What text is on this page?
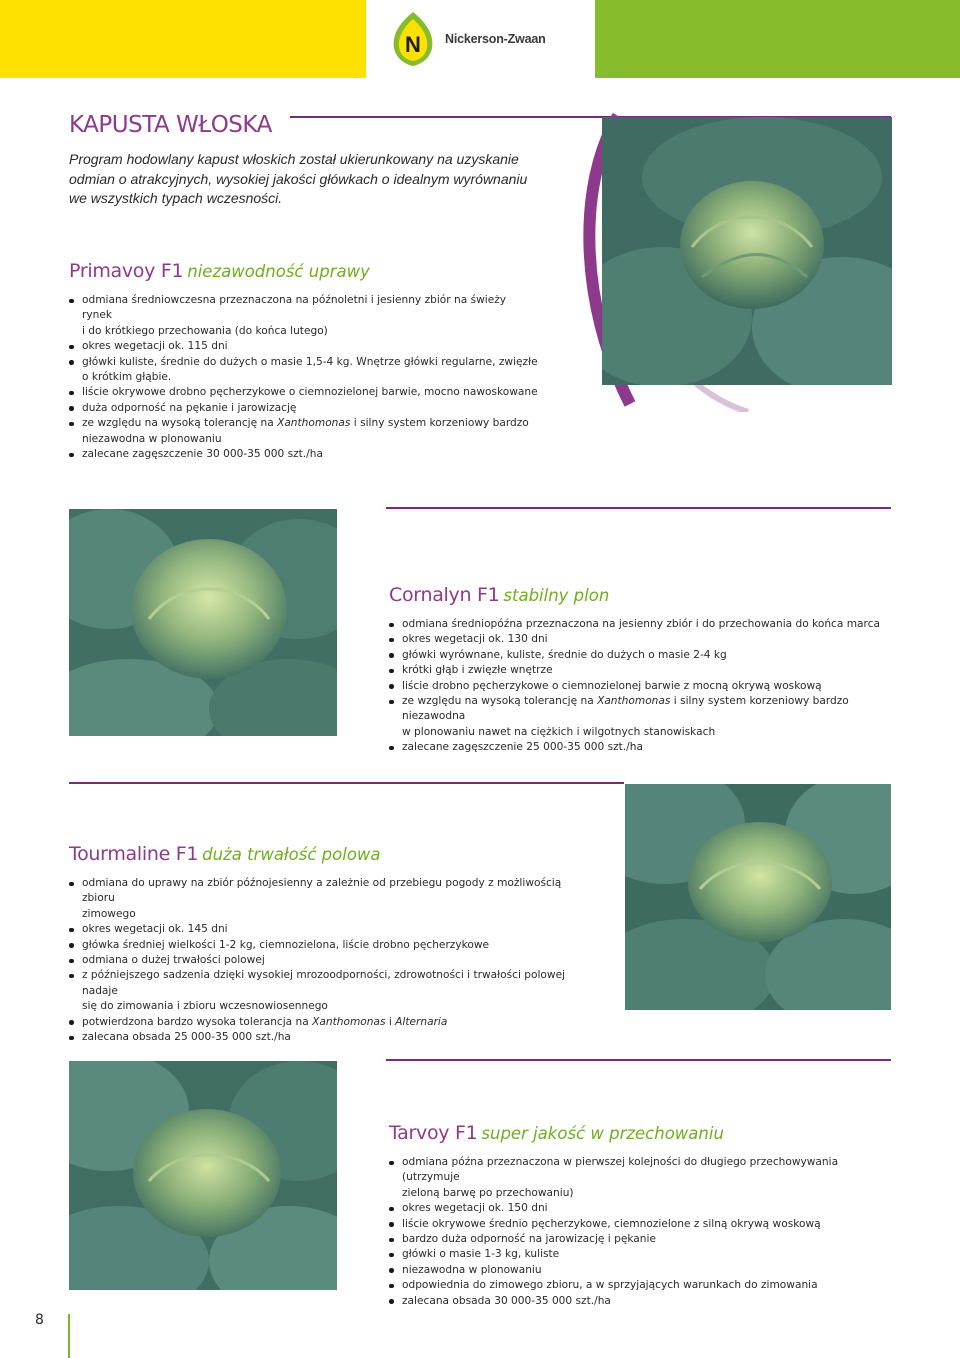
N Nickerson-Zwaan
KAPUSTA WŁOSKA
Program hodowlany kapust włoskich został ukierunkowany na uzyskanie
odmian o atrakcyjnych, wysokiej jakości główkach o idealnym wyrównaniu
we wszystkich typach wczesności.
Primavoy F1 niezawodność uprawy
Cornalyn F1 stabilny plon
Tourmaline F1 duża trwałość polowa
Tarvoy F1 super jakość w przechowaniu
odmiana średniowczesna przeznaczona na późnoletni i jesienny zbiór na świeży rynek
i do krótkiego przechowania (do końca lutego)
okres wegetacji ok. 115 dni
główki kuliste, średnie do dużych o masie 1,5-4 kg. Wnętrze główki regularne, zwięzłe
o krótkim głąbie.
liście okrywowe drobno pęcherzykowe o ciemnozielonej barwie, mocno nawoskowane
duża odporność na pękanie i jarowizację
ze względu na wysoką tolerancję na Xanthomonas i silny system korzeniowy bardzo
niezawodna w plonowaniu
zalecane zagęszczenie 30 000-35 000 szt./ha
odmiana średniopóźna przeznaczona na jesienny zbiór i do przechowania do końca marca
okres wegetacji ok. 130 dni
główki wyrównane, kuliste, średnie do dużych o masie 2-4 kg
krótki głąb i zwięzłe wnętrze
liście drobno pęcherzykowe o ciemnozielonej barwie z mocną okrywą woskową
ze względu na wysoką tolerancję na Xanthomonas i silny system korzeniowy bardzo niezawodna
w plonowaniu nawet na ciężkich i wilgotnych stanowiskach
zalecane zagęszczenie 25 000-35 000 szt./ha
odmiana do uprawy na zbiór późnojesienny a zależnie od przebiegu pogody z możliwością zbioru
zimowego
okres wegetacji ok. 145 dni
główka średniej wielkości 1-2 kg, ciemnozielona, liście drobno pęcherzykowe
odmiana o dużej trwałości polowej
z późniejszego sadzenia dzięki wysokiej mrozoodporności, zdrowotności i trwałości polowej nadaje
się do zimowania i zbioru wczesnowiosennego
potwierdzona bardzo wysoka tolerancja na Xanthomonas i Alternaria
zalecana obsada 25 000-35 000 szt./ha
odmiana późna przeznaczona w pierwszej kolejności do długiego przechowywania (utrzymuje
zieloną barwę po przechowaniu)
okres wegetacji ok. 150 dni
liście okrywowe średnio pęcherzykowe, ciemnozielone z silną okrywą woskową
bardzo duża odporność na jarowizację i pękanie
główki o masie 1-3 kg, kuliste
niezawodna w plonowaniu
odpowiednia do zimowego zbioru, a w sprzyjających warunkach do zimowania
zalecana obsada 30 000-35 000 szt./ha
8
